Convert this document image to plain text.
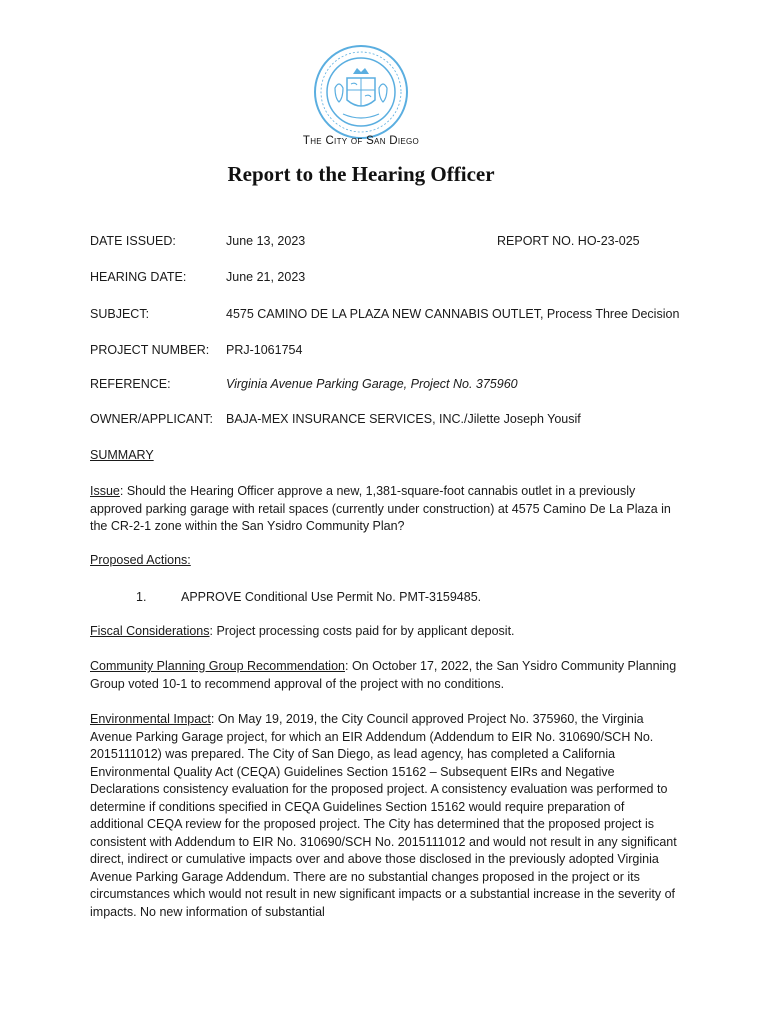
The City of San Diego
Report to the Hearing Officer
DATE ISSUED:	June 13, 2023	REPORT NO. HO-23-025
HEARING DATE:	June 21, 2023
SUBJECT:	4575 CAMINO DE LA PLAZA NEW CANNABIS OUTLET, Process Three Decision
PROJECT NUMBER: PRJ-1061754
REFERENCE:	Virginia Avenue Parking Garage, Project No. 375960
OWNER/APPLICANT: BAJA-MEX INSURANCE SERVICES, INC./Jilette Joseph Yousif
SUMMARY
Issue: Should the Hearing Officer approve a new, 1,381-square-foot cannabis outlet in a previously approved parking garage with retail spaces (currently under construction) at 4575 Camino De La Plaza in the CR-2-1 zone within the San Ysidro Community Plan?
Proposed Actions:
1.	APPROVE Conditional Use Permit No. PMT-3159485.
Fiscal Considerations: Project processing costs paid for by applicant deposit.
Community Planning Group Recommendation: On October 17, 2022, the San Ysidro Community Planning Group voted 10-1 to recommend approval of the project with no conditions.
Environmental Impact: On May 19, 2019, the City Council approved Project No. 375960, the Virginia Avenue Parking Garage project, for which an EIR Addendum (Addendum to EIR No. 310690/SCH No. 2015111012) was prepared. The City of San Diego, as lead agency, has completed a California Environmental Quality Act (CEQA) Guidelines Section 15162 – Subsequent EIRs and Negative Declarations consistency evaluation for the proposed project. A consistency evaluation was performed to determine if conditions specified in CEQA Guidelines Section 15162 would require preparation of additional CEQA review for the proposed project. The City has determined that the proposed project is consistent with Addendum to EIR No. 310690/SCH No. 2015111012 and would not result in any significant direct, indirect or cumulative impacts over and above those disclosed in the previously adopted Virginia Avenue Parking Garage Addendum. There are no substantial changes proposed in the project or its circumstances which would not result in new significant impacts or a substantial increase in the severity of impacts. No new information of substantial
